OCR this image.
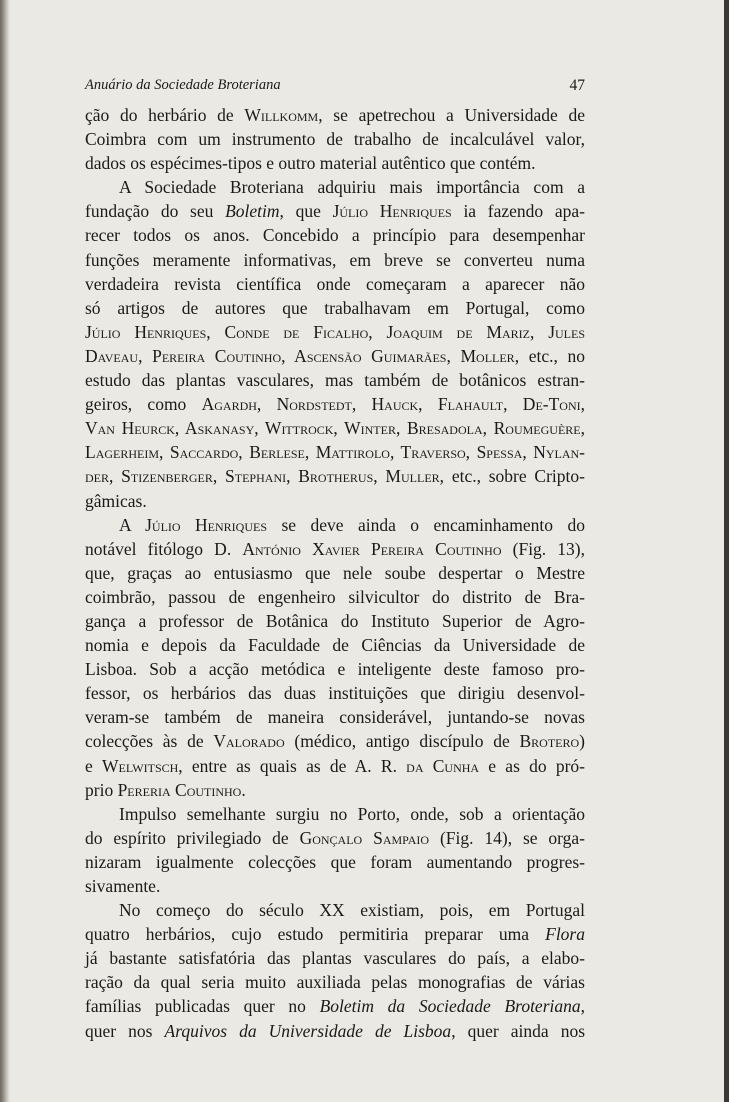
Anuário da Sociedade Broteriana	47
ção do herbário de Willkomm, se apetrechou a Universidade de
Coimbra com um instrumento de trabalho de incalculável valor,
dados os espécimes-tipos e outro material autêntico que contém.
A Sociedade Broteriana adquiriu mais importância com a
fundação do seu Boletim, que Júlio Henriques ia fazendo apa-
recer todos os anos. Concebido a princípio para desempenhar
funções meramente informativas, em breve se converteu numa
verdadeira revista científica onde começaram a aparecer não
só artigos de autores que trabalhavam em Portugal, como
Júlio Henriques, Conde de Ficalho, Joaquim de Mariz, Jules
Daveau, Pereira Coutinho, Ascensão Guimarães, Moller, etc., no
estudo das plantas vasculares, mas também de botânicos estran-
geiros, como Agardh, Nordstedt, Hauck, Flahault, De-Toni,
Van Heurck, Askanasy, Wittrock, Winter, Bresadola, Roumeguère,
Lagerheim, Saccardo, Berlese, Mattirolo, Traverso, Spessa, Nylan-
der, Stizenberger, Stephani, Brotherus, Muller, etc., sobre Cripto-
gâmicas.
A Júlio Henriques se deve ainda o encaminhamento do
notável fitólogo D. António Xavier Pereira Coutinho (Fig. 13),
que, graças ao entusiasmo que nele soube despertar o Mestre
coimbrão, passou de engenheiro silvicultor do distrito de Bra-
gança a professor de Botânica do Instituto Superior de Agro-
nomia e depois da Faculdade de Ciências da Universidade de
Lisboa. Sob a acção metódica e inteligente deste famoso pro-
fessor, os herbários das duas instituições que dirigiu desenvol-
veram-se também de maneira considerável, juntando-se novas
colecções às de Valorado (médico, antigo discípulo de Brotero)
e Welwitsch, entre as quais as de A. R. da Cunha e as do pró-
prio Pereria Coutinho.
Impulso semelhante surgiu no Porto, onde, sob a orientação
do espírito privilegiado de Gonçalo Sampaio (Fig. 14), se orga-
nizaram igualmente colecções que foram aumentando progres-
sivamente.
No começo do século XX existiam, pois, em Portugal
quatro herbários, cujo estudo permitiria preparar uma Flora
já bastante satisfatória das plantas vasculares do país, a elabo-
ração da qual seria muito auxiliada pelas monografias de várias
famílias publicadas quer no Boletim da Sociedade Broteriana,
quer nos Arquivos da Universidade de Lisboa, quer ainda nos
